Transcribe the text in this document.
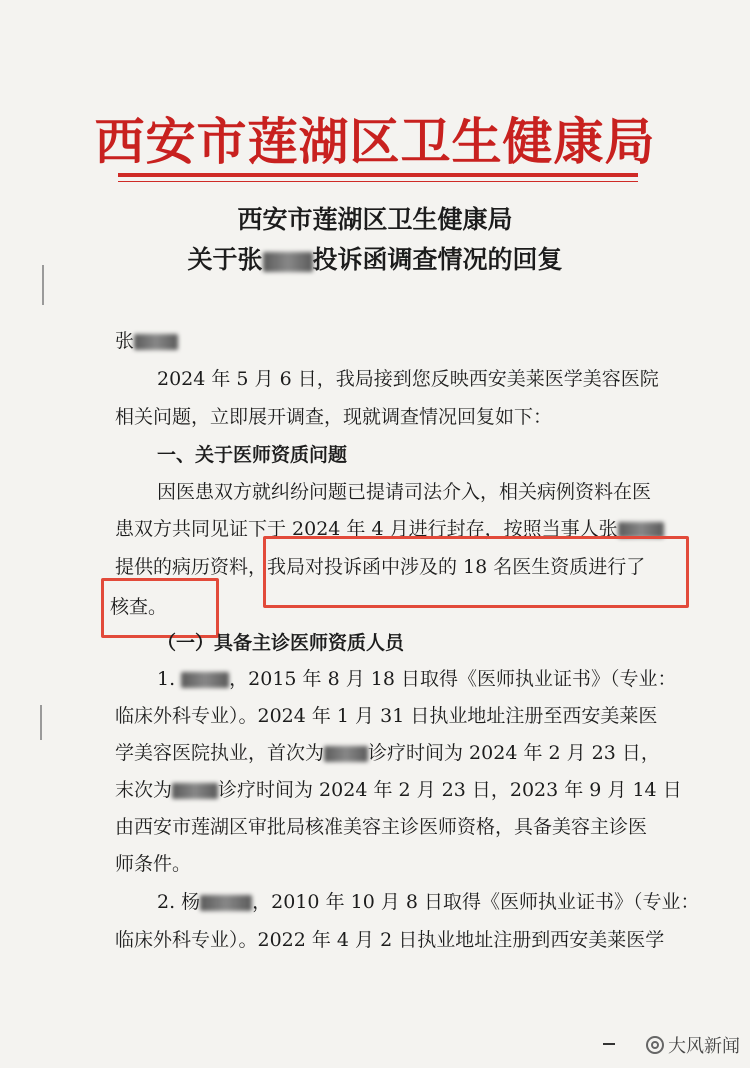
西安市莲湖区卫生健康局
西安市莲湖区卫生健康局
关于张 投诉函调查情况的回复
张
2024 年 5 月 6 日，我局接到您反映西安美莱医学美容医院
相关问题，立即展开调查，现就调查情况回复如下：
一、关于医师资质问题
因医患双方就纠纷问题已提请司法介入，相关病例资料在医
患双方共同见证下于 2024 年 4 月进行封存，按照当事人张
提供的病历资料，我局对投诉函中涉及的 18 名医生资质进行了
核查。
（一）具备主诊医师资质人员
1.	，2015 年 8 月 18 日取得《医师执业证书》（专业：
临床外科专业）。2024 年 1 月 31 日执业地址注册至西安美莱医
学美容医院执业，首次为 诊疗时间为 2024 年 2 月 23 日，
末次为 诊疗时间为 2024 年 2 月 23 日，2023 年 9 月 14 日
由西安市莲湖区审批局核准美容主诊医师资格，具备美容主诊医
师条件。
2. 杨	，2010 年 10 月 8 日取得《医师执业证书》（专业：
临床外科专业）。2022 年 4 月 2 日执业地址注册到西安美莱医学
大风新闻
